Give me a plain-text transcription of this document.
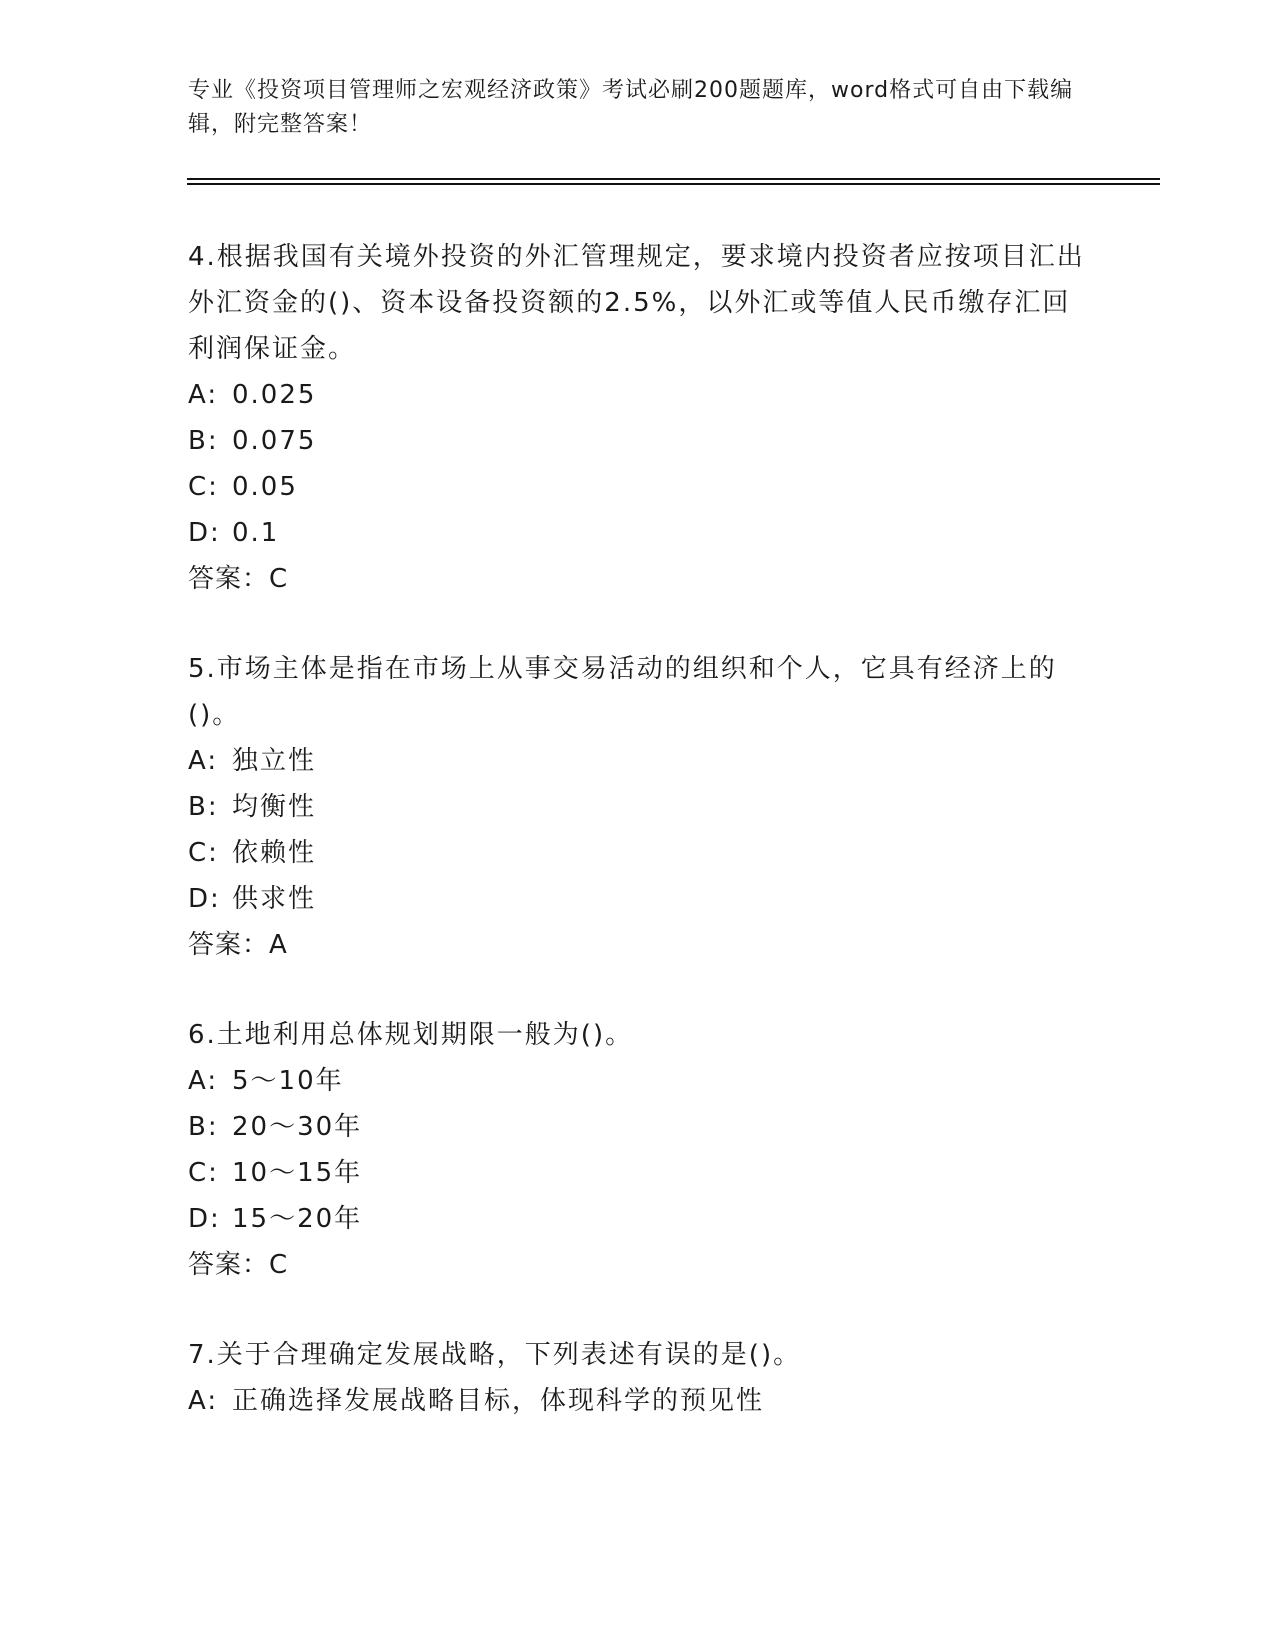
专业《投资项目管理师之宏观经济政策》考试必刷200题题库，word格式可自由下载编辑，附完整答案！

4.根据我国有关境外投资的外汇管理规定，要求境内投资者应按项目汇出外汇资金的()、资本设备投资额的2.5%，以外汇或等值人民币缴存汇回利润保证金。

A: 0.025

B: 0.075

C: 0.05

D: 0.1

答案：C

5.市场主体是指在市场上从事交易活动的组织和个人，它具有经济上的()。

A: 独立性

B: 均衡性

C: 依赖性

D: 供求性

答案：A

6.土地利用总体规划期限一般为()。

A: 5～10年

B: 20～30年

C: 10～15年

D: 15～20年

答案：C

7.关于合理确定发展战略，下列表述有误的是()。

A: 正确选择发展战略目标，体现科学的预见性
